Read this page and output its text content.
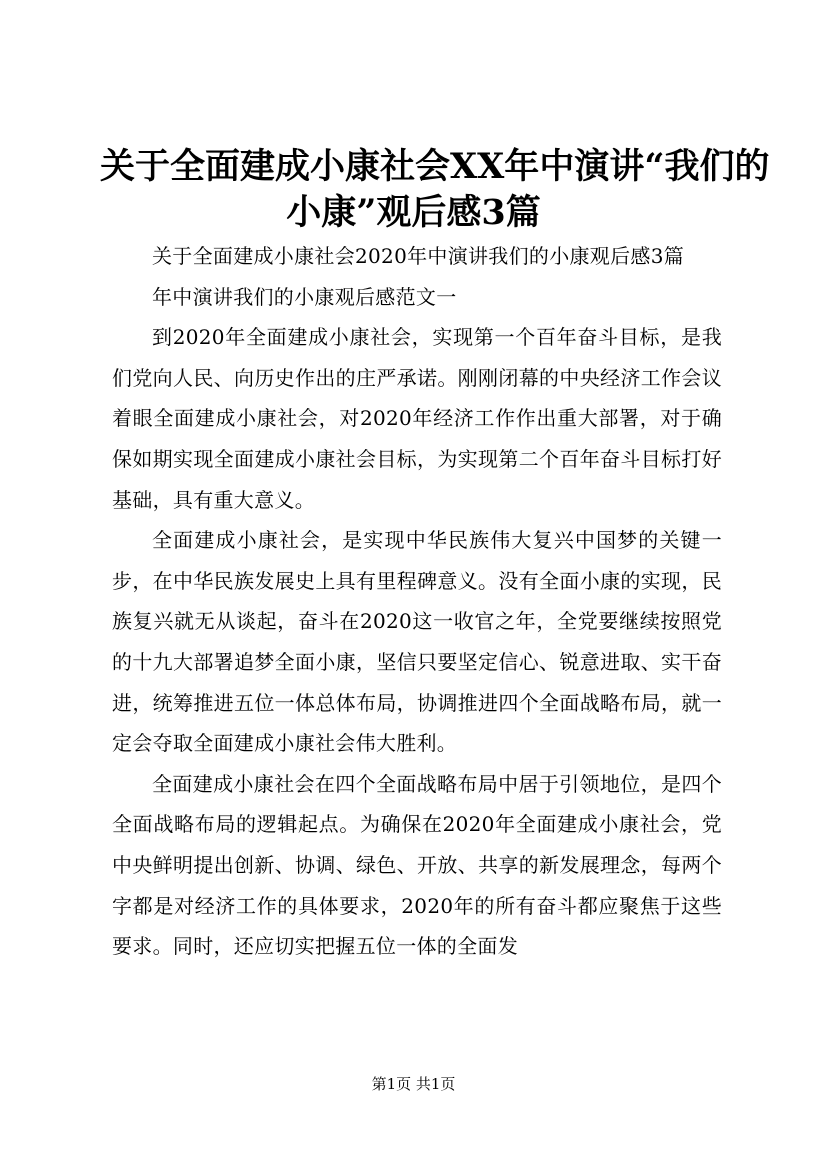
关于全面建成小康社会XX年中演讲“我们的
小康”观后感3篇

关于全面建成小康社会2020年中演讲我们的小康观后感3篇

年中演讲我们的小康观后感范文一

到2020年全面建成小康社会，实现第一个百年奋斗目标，是我们党向人民、向历史作出的庄严承诺。刚刚闭幕的中央经济工作会议着眼全面建成小康社会，对2020年经济工作作出重大部署，对于确保如期实现全面建成小康社会目标，为实现第二个百年奋斗目标打好基础，具有重大意义。

全面建成小康社会，是实现中华民族伟大复兴中国梦的关键一步，在中华民族发展史上具有里程碑意义。没有全面小康的实现，民族复兴就无从谈起，奋斗在2020这一收官之年，全党要继续按照党的十九大部署追梦全面小康，坚信只要坚定信心、锐意进取、实干奋进，统筹推进五位一体总体布局，协调推进四个全面战略布局，就一定会夺取全面建成小康社会伟大胜利。

全面建成小康社会在四个全面战略布局中居于引领地位，是四个全面战略布局的逻辑起点。为确保在2020年全面建成小康社会，党中央鲜明提出创新、协调、绿色、开放、共享的新发展理念，每两个字都是对经济工作的具体要求，2020年的所有奋斗都应聚焦于这些要求。同时，还应切实把握五位一体的全面发

第1页 共1页
